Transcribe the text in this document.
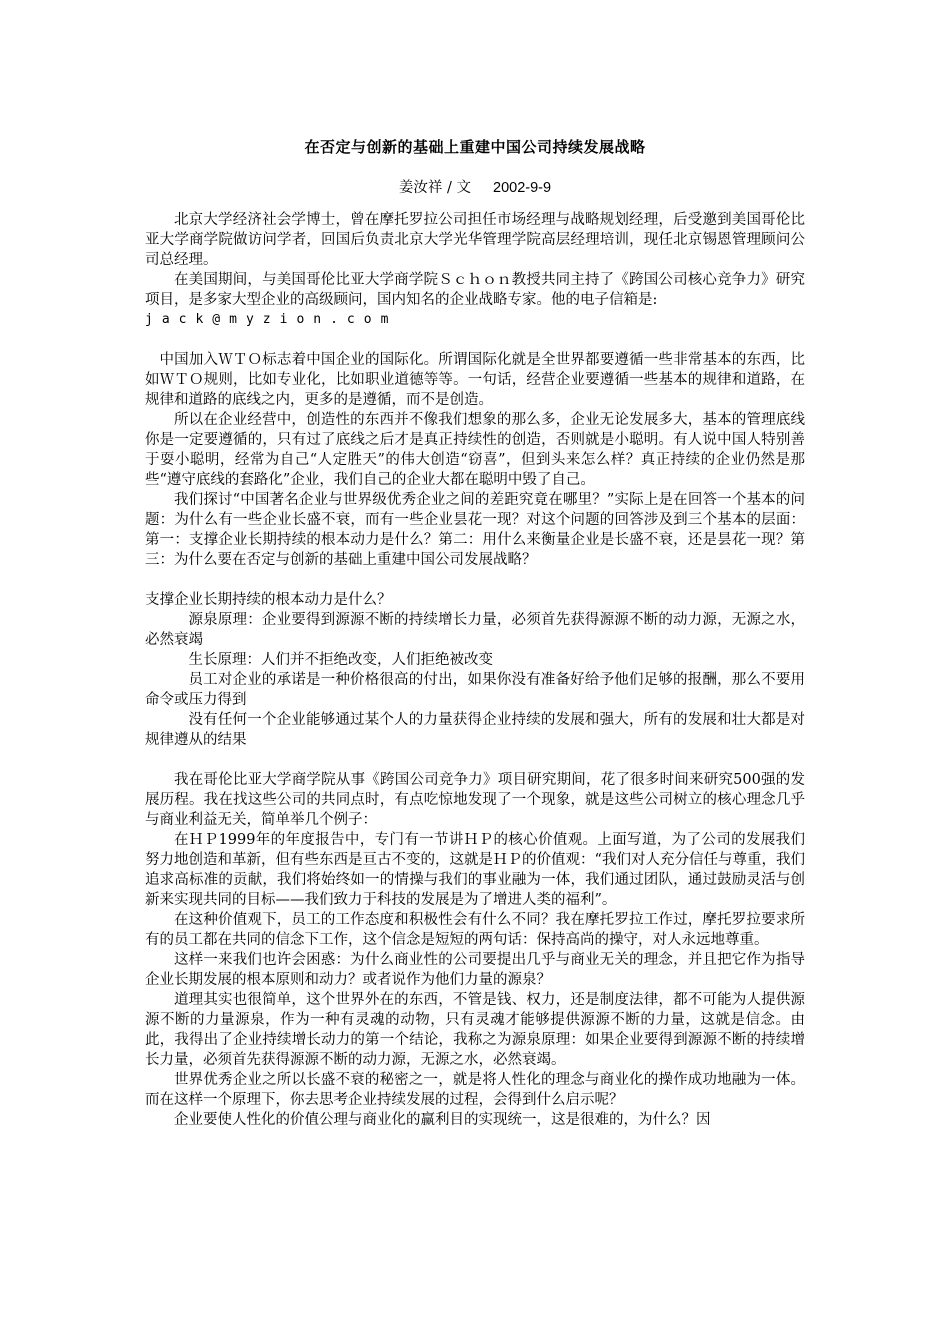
在否定与创新的基础上重建中国公司持续发展战略
姜汝祥 / 文 2002-9-9

北京大学经济社会学博士，曾在摩托罗拉公司担任市场经理与战略规划经理，后受邀到美国哥伦比亚大学商学院做访问学者，回国后负责北京大学光华管理学院高层经理培训，现任北京锡恩管理顾问公司总经理。

在美国期间，与美国哥伦比亚大学商学院Ｓｃｈｏｎ教授共同主持了《跨国公司核心竞争力》研究项目，是多家大型企业的高级顾问，国内知名的企业战略专家。他的电子信箱是:

jack@myzion.com

中国加入ＷＴＯ标志着中国企业的国际化。所谓国际化就是全世界都要遵循一些非常基本的东西，比如ＷＴＯ规则，比如专业化，比如职业道德等等。一句话，经营企业要遵循一些基本的规律和道路，在规律和道路的底线之内，更多的是遵循，而不是创造。

所以在企业经营中，创造性的东西并不像我们想象的那么多，企业无论发展多大，基本的管理底线你是一定要遵循的，只有过了底线之后才是真正持续性的创造，否则就是小聪明。有人说中国人特别善于耍小聪明，经常为自己“人定胜天”的伟大创造“窃喜”，但到头来怎么样？真正持续的企业仍然是那些“遵守底线的套路化”企业，我们自己的企业大都在聪明中毁了自己。

我们探讨“中国著名企业与世界级优秀企业之间的差距究竟在哪里？”实际上是在回答一个基本的问题：为什么有一些企业长盛不衰，而有一些企业昙花一现？对这个问题的回答涉及到三个基本的层面：第一：支撑企业长期持续的根本动力是什么？第二：用什么来衡量企业是长盛不衰，还是昙花一现？第三：为什么要在否定与创新的基础上重建中国公司发展战略？

支撑企业长期持续的根本动力是什么？

源泉原理：企业要得到源源不断的持续增长力量，必须首先获得源源不断的动力源，无源之水，必然衰竭

生长原理：人们并不拒绝改变，人们拒绝被改变

员工对企业的承诺是一种价格很高的付出，如果你没有准备好给予他们足够的报酬，那么不要用命令或压力得到

没有任何一个企业能够通过某个人的力量获得企业持续的发展和强大，所有的发展和壮大都是对规律遵从的结果

我在哥伦比亚大学商学院从事《跨国公司竞争力》项目研究期间，花了很多时间来研究500强的发展历程。我在找这些公司的共同点时，有点吃惊地发现了一个现象，就是这些公司树立的核心理念几乎与商业利益无关，简单举几个例子：

在ＨＰ1999年的年度报告中，专门有一节讲ＨＰ的核心价值观。上面写道，为了公司的发展我们努力地创造和革新，但有些东西是亘古不变的，这就是ＨＰ的价值观：“我们对人充分信任与尊重，我们追求高标准的贡献，我们将始终如一的情操与我们的事业融为一体，我们通过团队，通过鼓励灵活与创新来实现共同的目标——我们致力于科技的发展是为了增进人类的福利”。

在这种价值观下，员工的工作态度和积极性会有什么不同？我在摩托罗拉工作过，摩托罗拉要求所有的员工都在共同的信念下工作，这个信念是短短的两句话：保持高尚的操守，对人永远地尊重。

这样一来我们也许会困惑：为什么商业性的公司要提出几乎与商业无关的理念，并且把它作为指导企业长期发展的根本原则和动力？或者说作为他们力量的源泉？

道理其实也很简单，这个世界外在的东西，不管是钱、权力，还是制度法律，都不可能为人提供源源不断的力量源泉，作为一种有灵魂的动物，只有灵魂才能够提供源源不断的力量，这就是信念。由此，我得出了企业持续增长动力的第一个结论，我称之为源泉原理：如果企业要得到源源不断的持续增长力量，必须首先获得源源不断的动力源，无源之水，必然衰竭。

世界优秀企业之所以长盛不衰的秘密之一，就是将人性化的理念与商业化的操作成功地融为一体。而在这样一个原理下，你去思考企业持续发展的过程，会得到什么启示呢？

企业要使人性化的价值公理与商业化的赢利目的实现统一，这是很难的，为什么？因
